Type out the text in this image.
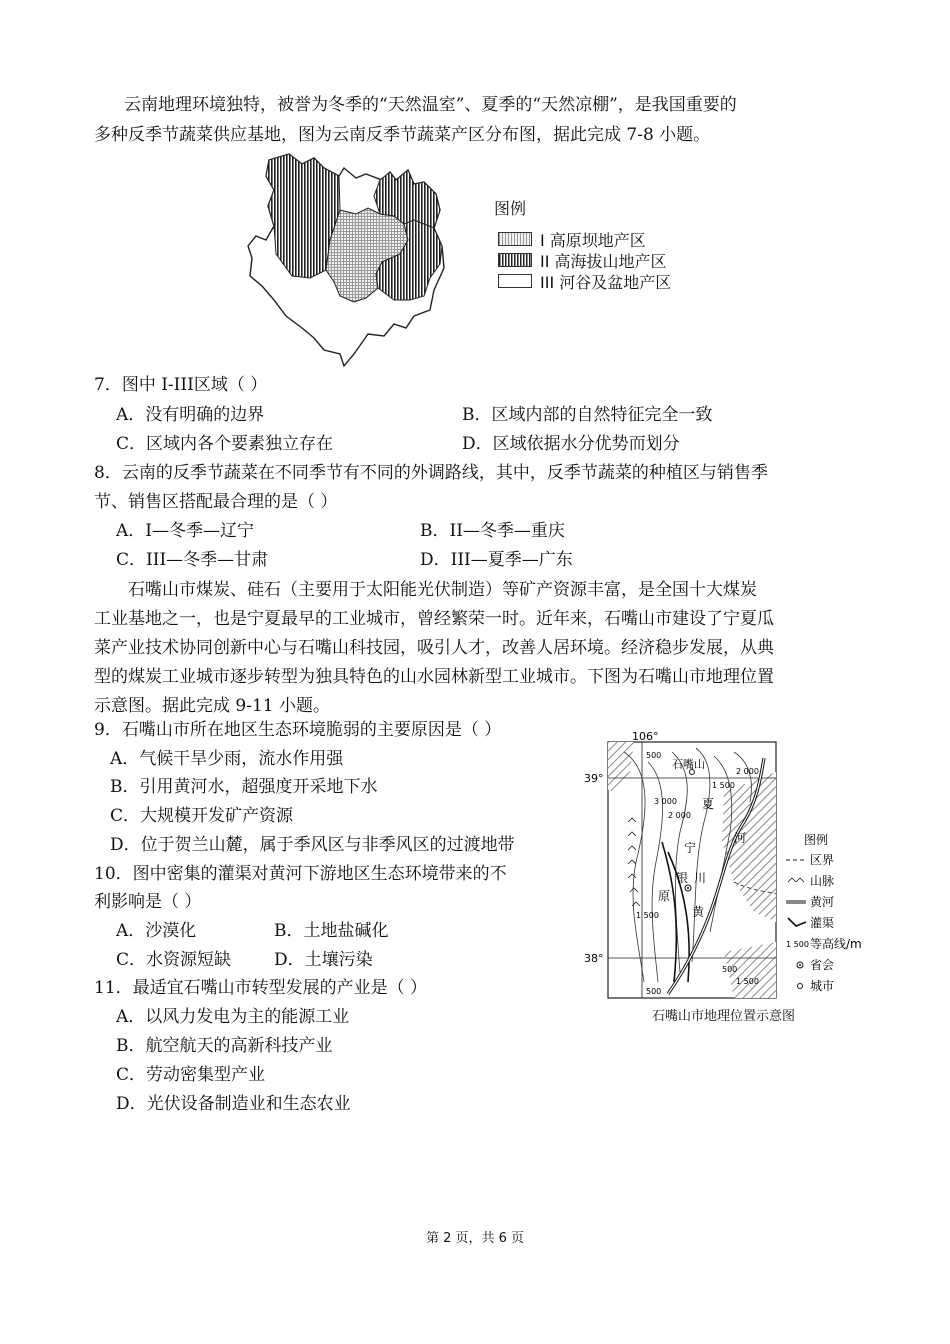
云南地理环境独特，被誉为冬季的“天然温室”、夏季的“天然凉棚”，是我国重要的
多种反季节蔬菜供应基地，图为云南反季节蔬菜产区分布图，据此完成 7-8 小题。
图例
I 高原坝地产区
II 高海拔山地产区
III 河谷及盆地产区
7．图中 I-III区域（ ）
A．没有明确的边界	B．区域内部的自然特征完全一致
C．区域内各个要素独立存在	D．区域依据水分优势而划分
8．云南的反季节蔬菜在不同季节有不同的外调路线，其中，反季节蔬菜的种植区与销售季
节、销售区搭配最合理的是（ ）
A．I—冬季—辽宁	B．II—冬季—重庆
C．III—冬季—甘肃	D．III—夏季—广东
石嘴山市煤炭、硅石（主要用于太阳能光伏制造）等矿产资源丰富，是全国十大煤炭
工业基地之一，也是宁夏最早的工业城市，曾经繁荣一时。近年来，石嘴山市建设了宁夏瓜
菜产业技术协同创新中心与石嘴山科技园，吸引人才，改善人居环境。经济稳步发展，从典
型的煤炭工业城市逐步转型为独具特色的山水园林新型工业城市。下图为石嘴山市地理位置
示意图。据此完成 9-11 小题。
9．石嘴山市所在地区生态环境脆弱的主要原因是（ ）
A．气候干旱少雨，流水作用强
B．引用黄河水，超强度开采地下水
C．大规模开发矿产资源
D．位于贺兰山麓，属于季风区与非季风区的过渡地带
10．图中密集的灌渠对黄河下游地区生态环境带来的不
利影响是（ ）
A．沙漠化	B．土地盐碱化
C．水资源短缺	D．土壤污染
11．最适宜石嘴山市转型发展的产业是（ ）
A．以风力发电为主的能源工业
B．航空航天的高新科技产业
C．劳动密集型产业
D．光伏设备制造业和生态农业
106°
39°
38°
石嘴山
夏
宁
银 川
原
黄
河
500
2 000
1 500
3 000
2 000
1 500
1 500
500
500
图例
区界
山脉
黄河
灌渠
1 500 等高线/m
省会
城市
石嘴山市地理位置示意图
第 2 页，共 6 页
